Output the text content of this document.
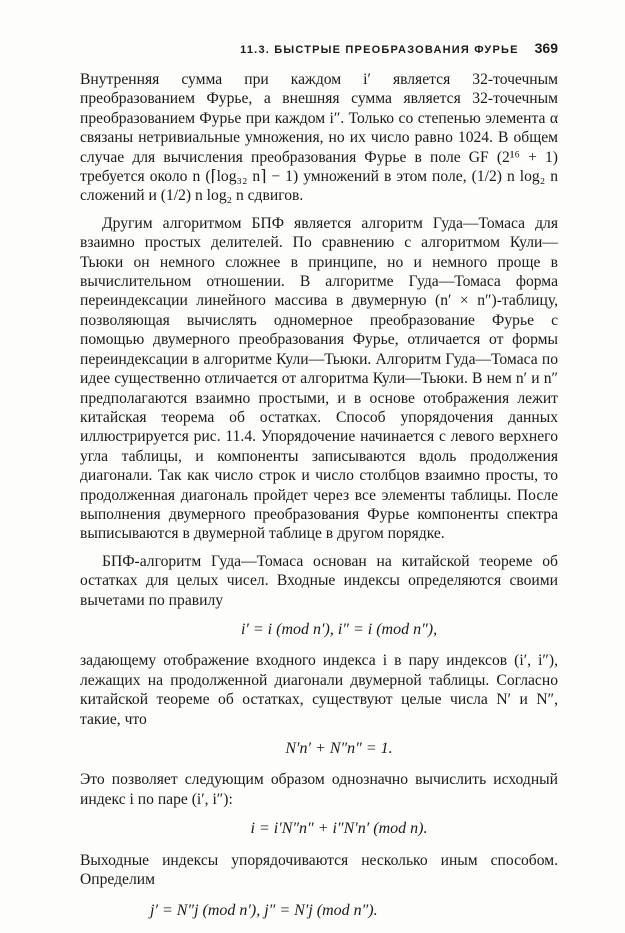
11.3. БЫСТРЫЕ ПРЕОБРАЗОВАНИЯ ФУРЬЕ 369

Внутренняя сумма при каждом i′ является 32-точечным преобразованием Фурье, а внешняя сумма является 32-точечным преобразованием Фурье при каждом i″. Только со степенью элемента α связаны нетривиальные умножения, но их число равно 1024. В общем случае для вычисления преобразования Фурье в поле GF (2¹⁶ + 1) требуется около n (⌈log₃₂ n⌉ − 1) умножений в этом поле, (1/2) n log₂ n сложений и (1/2) n log₂ n сдвигов.

Другим алгоритмом БПФ является алгоритм Гуда—Томаса для взаимно простых делителей. По сравнению с алгоритмом Кули—Тьюки он немного сложнее в принципе, но и немного проще в вычислительном отношении. В алгоритме Гуда—Томаса форма переиндексации линейного массива в двумерную (n′ × n″)-таблицу, позволяющая вычислять одномерное преобразование Фурье с помощью двумерного преобразования Фурье, отличается от формы переиндексации в алгоритме Кули—Тьюки. Алгоритм Гуда—Томаса по идее существенно отличается от алгоритма Кули—Тьюки. В нем n′ и n″ предполагаются взаимно простыми, и в основе отображения лежит китайская теорема об остатках. Способ упорядочения данных иллюстрируется рис. 11.4. Упорядочение начинается с левого верхнего угла таблицы, и компоненты записываются вдоль продолжения диагонали. Так как число строк и число столбцов взаимно просты, то продолженная диагональ пройдет через все элементы таблицы. После выполнения двумерного преобразования Фурье компоненты спектра выписываются в двумерной таблице в другом порядке.

БПФ-алгоритм Гуда—Томаса основан на китайской теореме об остатках для целых чисел. Входные индексы определяются своими вычетами по правилу

i′ = i (mod n′), i″ = i (mod n″),

задающему отображение входного индекса i в пару индексов (i′, i″), лежащих на продолженной диагонали двумерной таблицы. Согласно китайской теореме об остатках, существуют целые числа N′ и N″, такие, что

N′n′ + N″n″ = 1.

Это позволяет следующим образом однозначно вычислить исходный индекс i по паре (i′, i″):

i = i′N″n″ + i″N′n′ (mod n).

Выходные индексы упорядочиваются несколько иным способом. Определим

j′ = N″j (mod n′), j″ = N′j (mod n″).
